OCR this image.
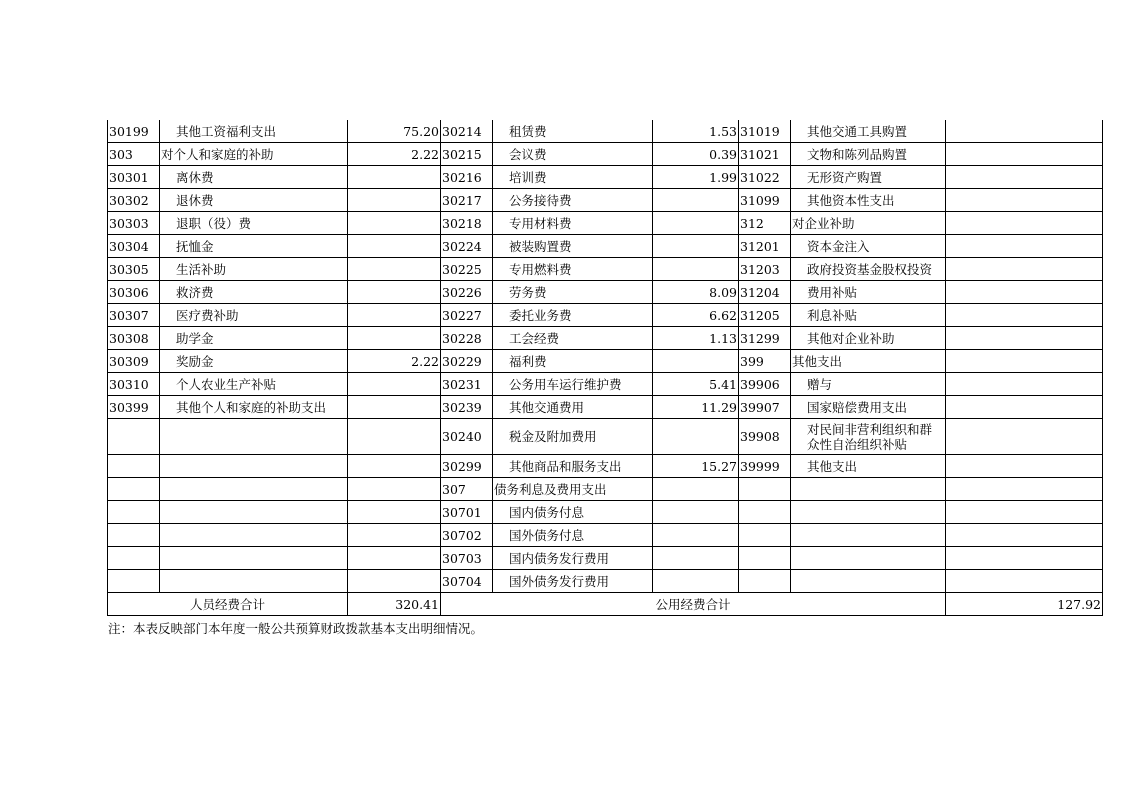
30199	其他工资福利支出	75.20	30214	租赁费	1.53	31019	其他交通工具购置	
303	对个人和家庭的补助	2.22	30215	会议费	0.39	31021	文物和陈列品购置	
30301	离休费		30216	培训费	1.99	31022	无形资产购置	
30302	退休费		30217	公务接待费		31099	其他资本性支出	
30303	退职（役）费		30218	专用材料费		312	对企业补助	
30304	抚恤金		30224	被装购置费		31201	资本金注入	
30305	生活补助		30225	专用燃料费		31203	政府投资基金股权投资	
30306	救济费		30226	劳务费	8.09	31204	费用补贴	
30307	医疗费补助		30227	委托业务费	6.62	31205	利息补贴	
30308	助学金		30228	工会经费	1.13	31299	其他对企业补助	
30309	奖励金	2.22	30229	福利费		399	其他支出	
30310	个人农业生产补贴		30231	公务用车运行维护费	5.41	39906	赠与	
30399	其他个人和家庭的补助支出		30239	其他交通费用	11.29	39907	国家赔偿费用支出	
			30240	税金及附加费用		39908	对民间非营利组织和群众性自治组织补贴	
			30299	其他商品和服务支出	15.27	39999	其他支出	
			307	债务利息及费用支出				
			30701	国内债务付息				
			30702	国外债务付息				
			30703	国内债务发行费用				
			30704	国外债务发行费用				
人员经费合计		320.41	公用经费合计					127.92
注：本表反映部门本年度一般公共预算财政拨款基本支出明细情况。
